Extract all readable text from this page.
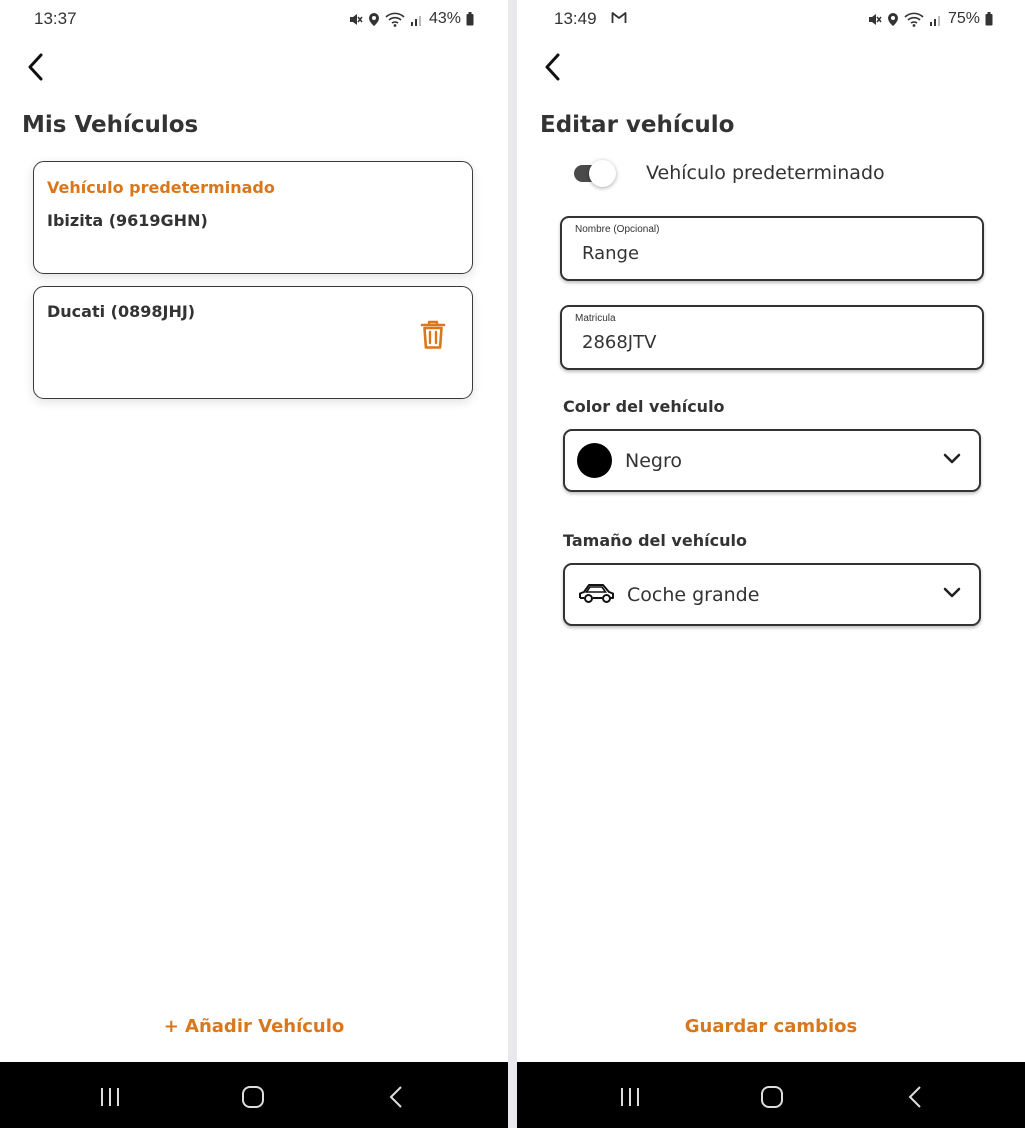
13:37	43%
Mis Vehículos
Vehículo predeterminado
Ibizita (9619GHN)
Ducati (0898JHJ)
+ Añadir Vehículo
13:49	75%
Editar vehículo
Vehículo predeterminado
Nombre (Opcional)
Range
Matricula
2868JTV
Color del vehículo
Negro
Tamaño del vehículo
Coche grande
Guardar cambios
